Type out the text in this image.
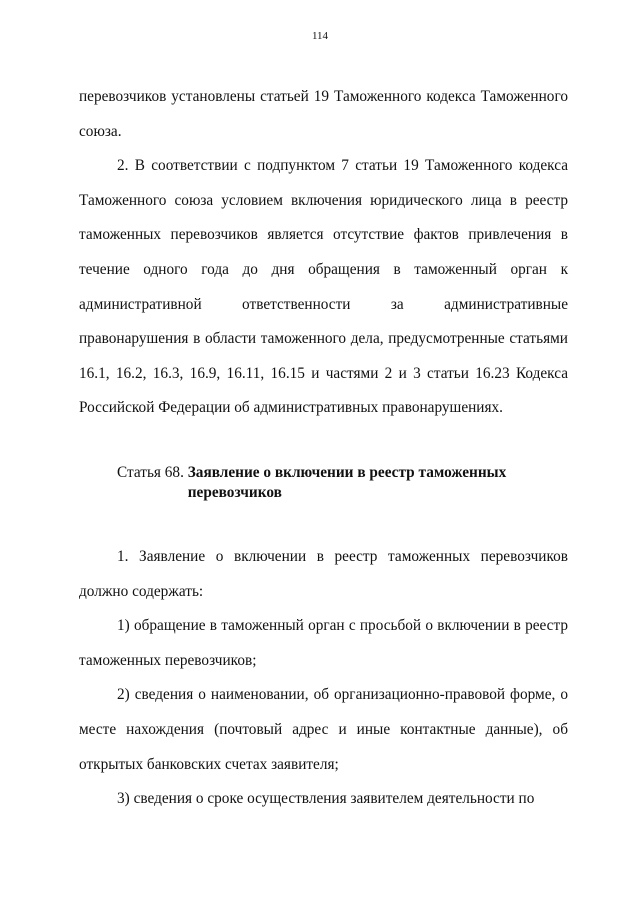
114

перевозчиков установлены статьей 19 Таможенного кодекса Таможенного союза.

2. В соответствии с подпунктом 7 статьи 19 Таможенного кодекса Таможенного союза условием включения юридического лица в реестр таможенных перевозчиков является отсутствие фактов привлечения в течение одного года до дня обращения в таможенный орган к административной ответственности за административные правонарушения в области таможенного дела, предусмотренные статьями 16.1, 16.2, 16.3, 16.9, 16.11, 16.15 и частями 2 и 3 статьи 16.23 Кодекса Российской Федерации об административных правонарушениях.

Статья 68. Заявление о включении в реестр таможенных перевозчиков

1. Заявление о включении в реестр таможенных перевозчиков должно содержать:

1) обращение в таможенный орган с просьбой о включении в реестр таможенных перевозчиков;

2) сведения о наименовании, об организационно-правовой форме, о месте нахождения (почтовый адрес и иные контактные данные), об открытых банковских счетах заявителя;

3) сведения о сроке осуществления заявителем деятельности по
